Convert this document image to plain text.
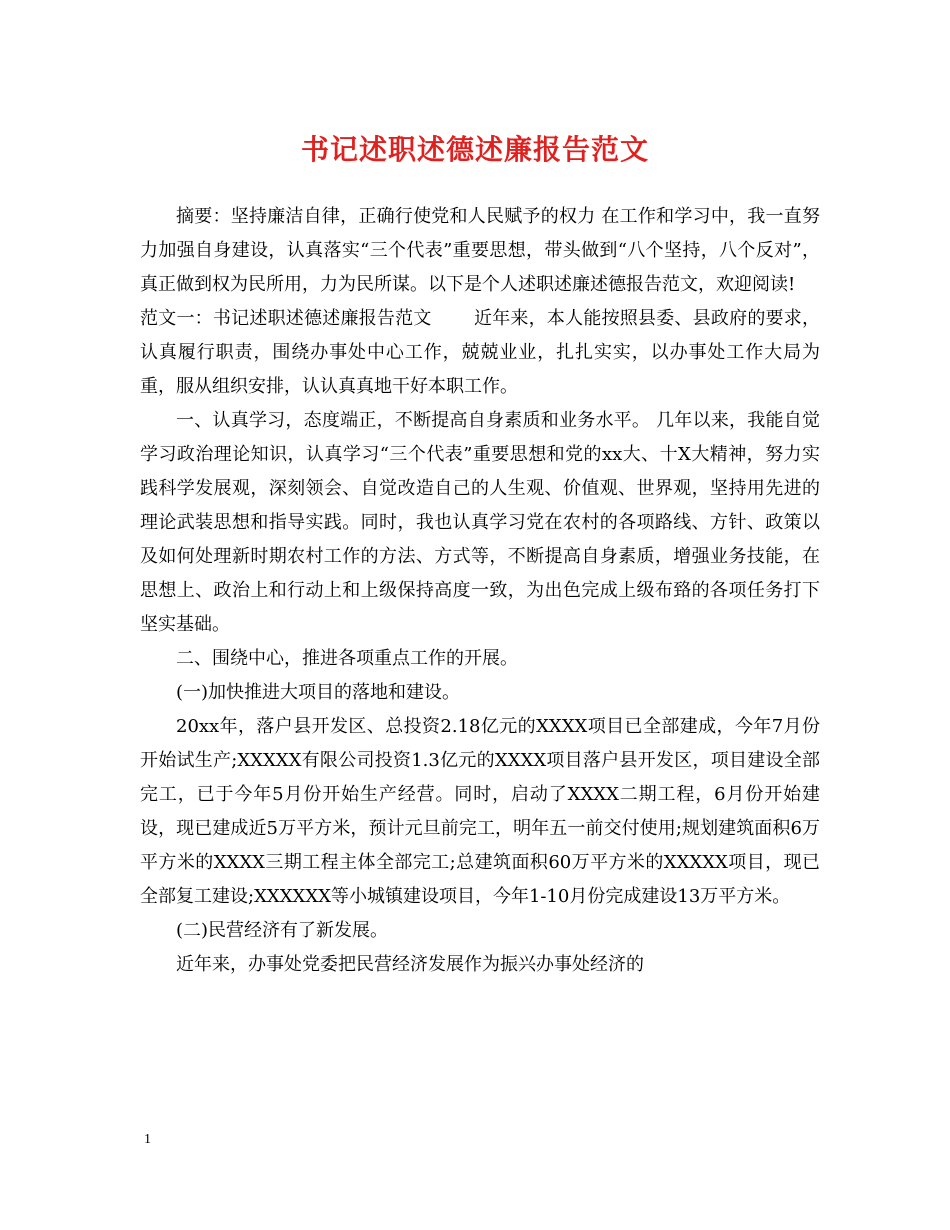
书记述职述德述廉报告范文

摘要：坚持廉洁自律，正确行使党和人民赋予的权力 在工作和学习中，我一直努力加强自身建设，认真落实“三个代表”重要思想，带头做到“八个坚持，八个反对”，真正做到权为民所用，力为民所谋。以下是个人述职述廉述德报告范文，欢迎阅读!

范文一：书记述职述德述廉报告范文　　 近年来，本人能按照县委、县政府的要求，认真履行职责，围绕办事处中心工作，兢兢业业，扎扎实实，以办事处工作大局为重，服从组织安排，认认真真地干好本职工作。

一、认真学习，态度端正，不断提高自身素质和业务水平。 几年以来，我能自觉学习政治理论知识，认真学习“三个代表”重要思想和党的xx大、十X大精神，努力实践科学发展观，深刻领会、自觉改造自己的人生观、价值观、世界观，坚持用先进的理论武装思想和指导实践。同时，我也认真学习党在农村的各项路线、方针、政策以及如何处理新时期农村工作的方法、方式等，不断提高自身素质，增强业务技能，在思想上、政治上和行动上和上级保持高度一致，为出色完成上级布臵的各项任务打下坚实基础。

二、围绕中心，推进各项重点工作的开展。

(一)加快推进大项目的落地和建设。

20xx年，落户县开发区、总投资2.18亿元的XXXX项目已全部建成，今年7月份开始试生产;XXXXX有限公司投资1.3亿元的XXXX项目落户县开发区，项目建设全部完工，已于今年5月份开始生产经营。同时，启动了XXXX二期工程，6月份开始建设，现已建成近5万平方米，预计元旦前完工，明年五一前交付使用;规划建筑面积6万平方米的XXXX三期工程主体全部完工;总建筑面积60万平方米的XXXXX项目，现已全部复工建设;XXXXXX等小城镇建设项目，今年1-10月份完成建设13万平方米。

(二)民营经济有了新发展。

近年来，办事处党委把民营经济发展作为振兴办事处经济的

1
